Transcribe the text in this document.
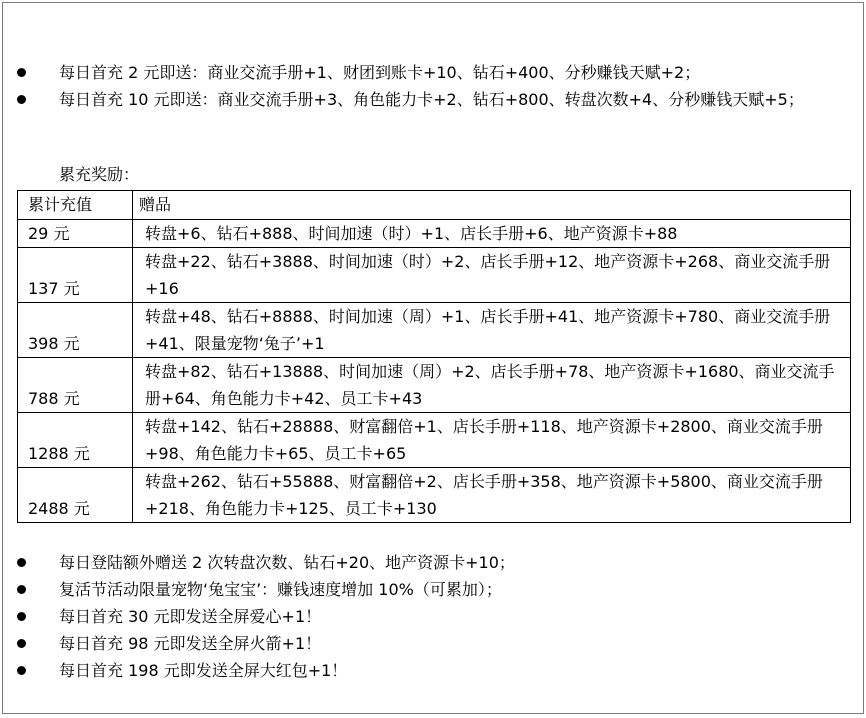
每日首充 2 元即送：商业交流手册+1、财团到账卡+10、钻石+400、分秒赚钱天赋+2；
每日首充 10 元即送：商业交流手册+3、角色能力卡+2、钻石+800、转盘次数+4、分秒赚钱天赋+5；
累充奖励：
累计充值	赠品
29 元	转盘+6、钻石+888、时间加速（时）+1、店长手册+6、地产资源卡+88
137 元	转盘+22、钻石+3888、时间加速（时）+2、店长手册+12、地产资源卡+268、商业交流手册+16
398 元	转盘+48、钻石+8888、时间加速（周）+1、店长手册+41、地产资源卡+780、商业交流手册+41、限量宠物‘兔子’+1
788 元	转盘+82、钻石+13888、时间加速（周）+2、店长手册+78、地产资源卡+1680、商业交流手册+64、角色能力卡+42、员工卡+43
1288 元	转盘+142、钻石+28888、财富翻倍+1、店长手册+118、地产资源卡+2800、商业交流手册+98、角色能力卡+65、员工卡+65
2488 元	转盘+262、钻石+55888、财富翻倍+2、店长手册+358、地产资源卡+5800、商业交流手册+218、角色能力卡+125、员工卡+130
每日登陆额外赠送 2 次转盘次数、钻石+20、地产资源卡+10；
复活节活动限量宠物‘兔宝宝’：赚钱速度增加 10%（可累加）；
每日首充 30 元即发送全屏爱心+1！
每日首充 98 元即发送全屏火箭+1！
每日首充 198 元即发送全屏大红包+1！
